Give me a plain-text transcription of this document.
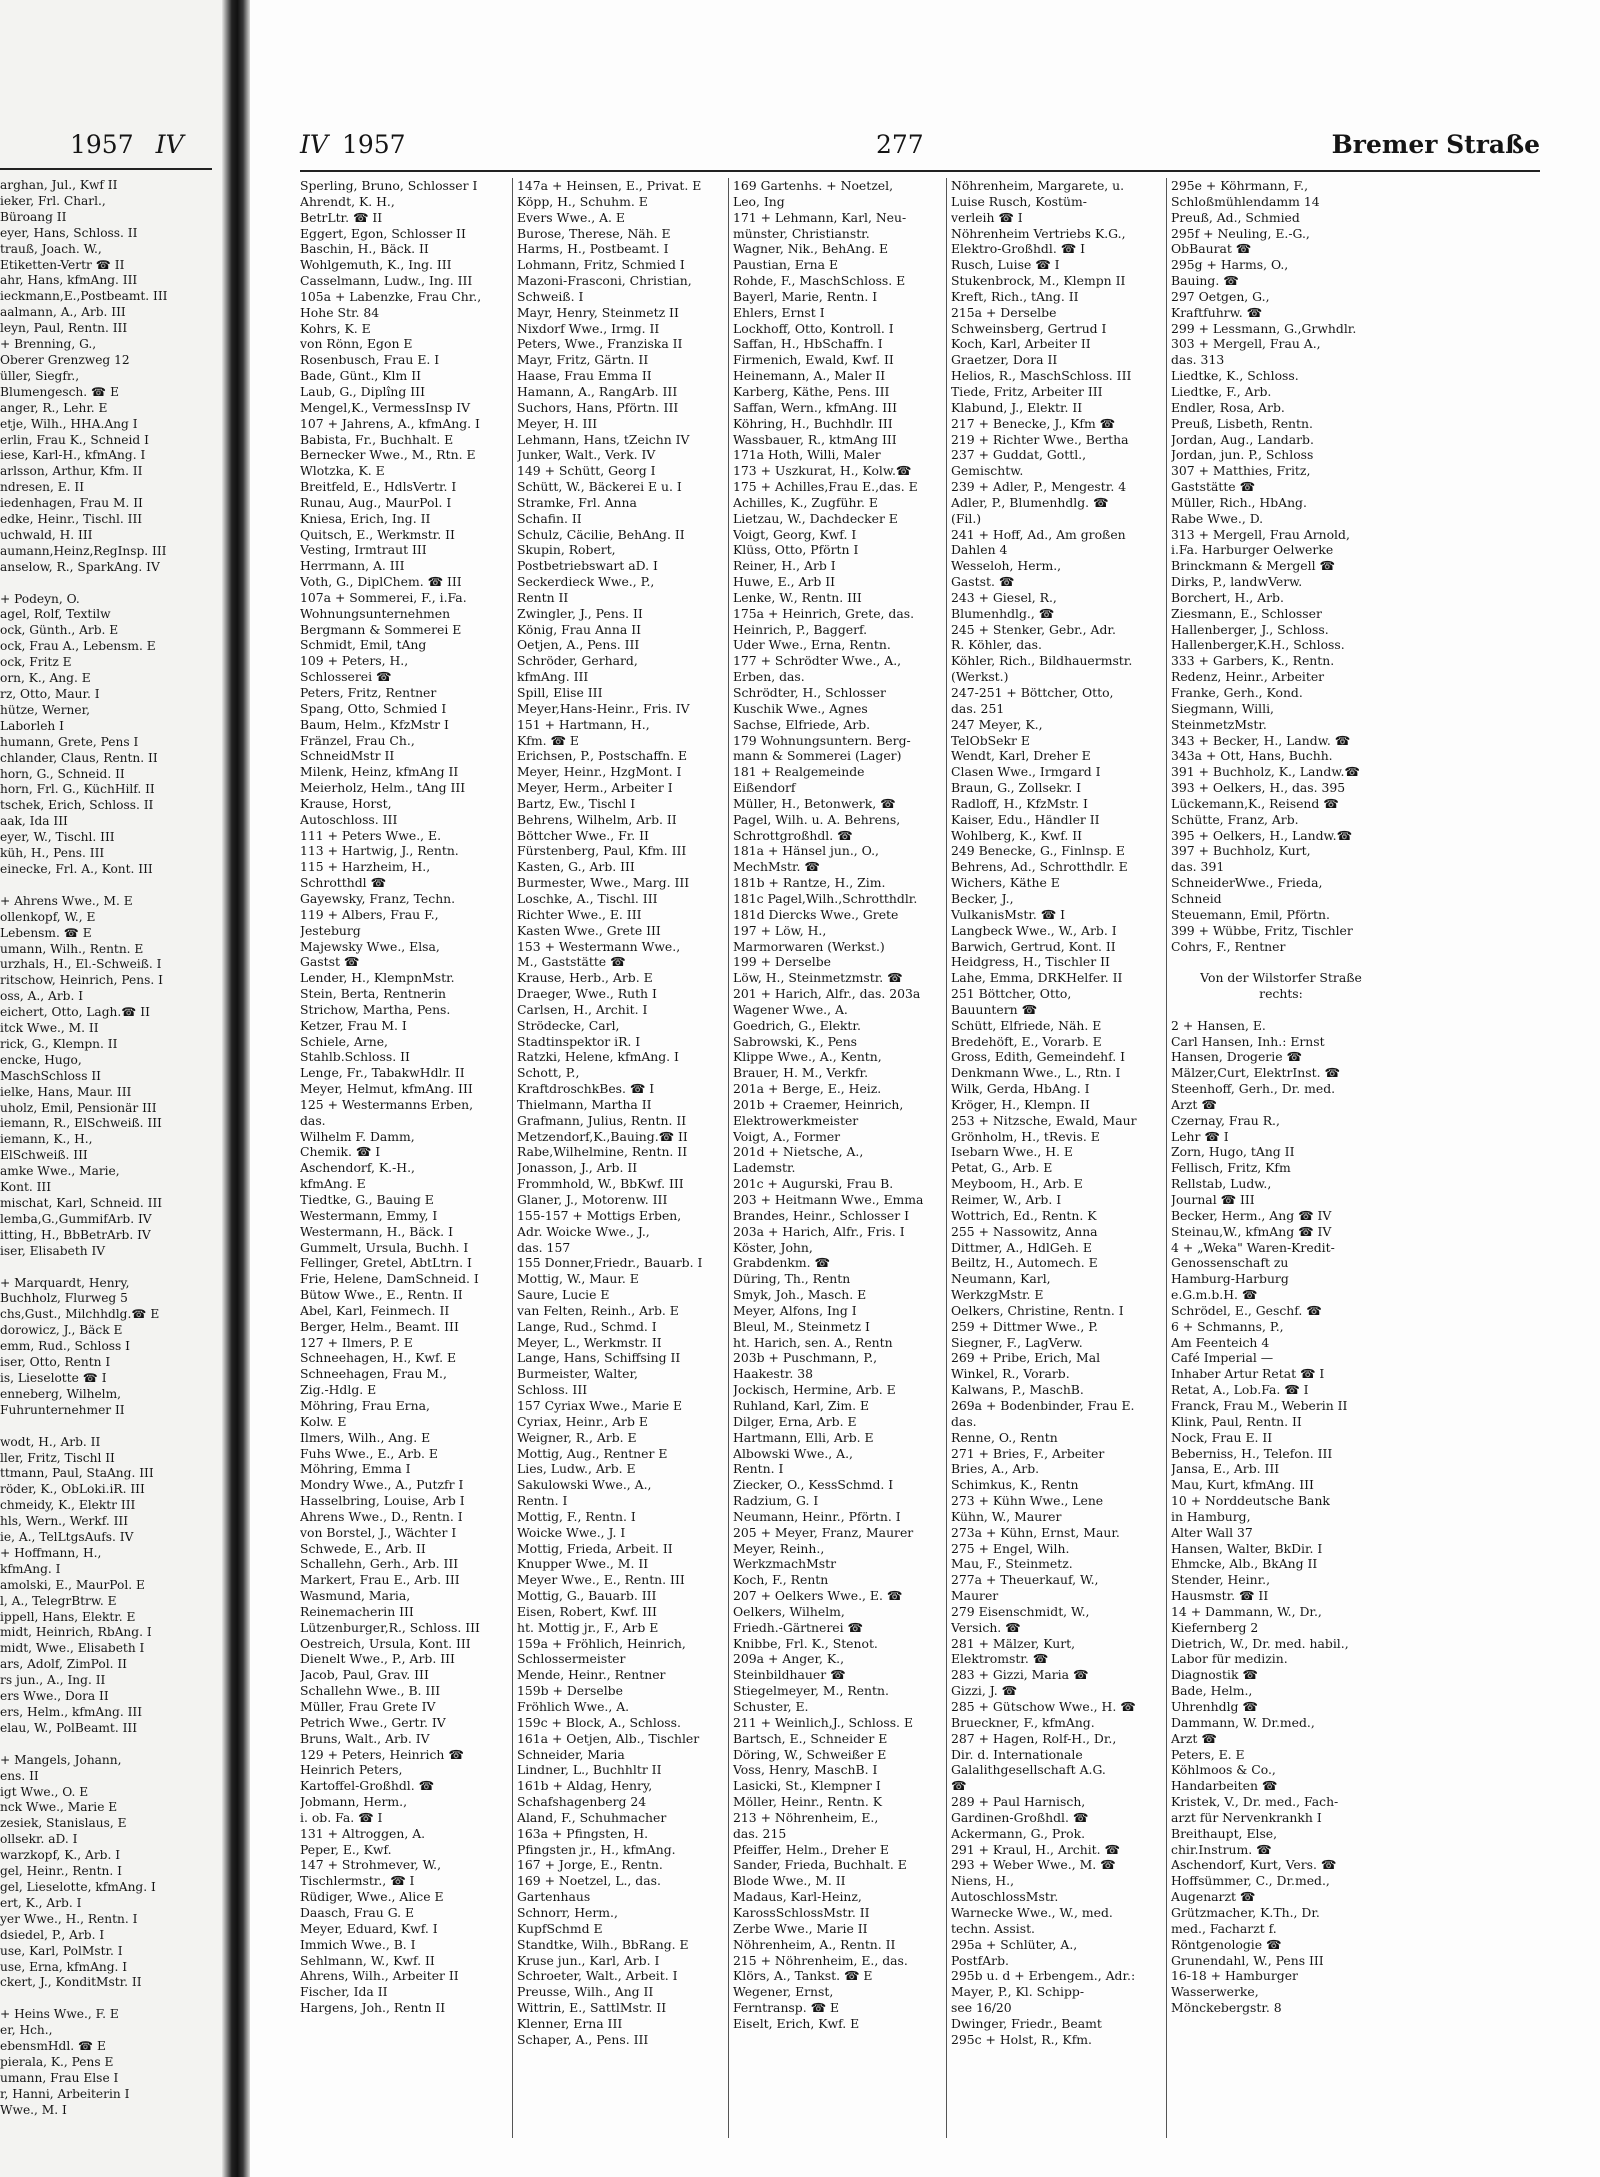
1957 IV
arghan, Jul., Kwf II
ieker, Frl. Charl.,
Büroang II
eyer, Hans, Schloss. II
trauß, Joach. W.,
Etiketten-Vertr ☎ II
ahr, Hans, kfmAng. III
ieckmann,E.,Postbeamt. III
aalmann, A., Arb. III
leyn, Paul, Rentn. III
+ Brenning, G.,
Oberer Grenzweg 12
üller, Siegfr.,
Blumengesch. ☎ E
anger, R., Lehr. E
etje, Wilh., HHA.Ang I
erlin, Frau K., Schneid I
iese, Karl-H., kfmAng. I
arlsson, Arthur, Kfm. II
ndresen, E. II
iedenhagen, Frau M. II
edke, Heinr., Tischl. III
uchwald, H. III
aumann,Heinz,RegInsp. III
anselow, R., SparkAng. IV

+ Podeyn, O.
agel, Rolf, Textilw
ock, Günth., Arb. E
ock, Frau A., Lebensm. E
ock, Fritz E
orn, K., Ang. E
rz, Otto, Maur. I
hütze, Werner,
Laborleh I
humann, Grete, Pens I
chlander, Claus, Rentn. II
horn, G., Schneid. II
horn, Frl. G., KüchHilf. II
tschek, Erich, Schloss. II
aak, Ida III
eyer, W., Tischl. III
küh, H., Pens. III
einecke, Frl. A., Kont. III

+ Ahrens Wwe., M. E
ollenkopf, W., E
Lebensm. ☎ E
umann, Wilh., Rentn. E
urzhals, H., El.-Schweiß. I
ritschow, Heinrich, Pens. I
oss, A., Arb. I
eichert, Otto, Lagh.☎ II
itck Wwe., M. II
rick, G., Klempn. II
encke, Hugo,
MaschSchloss II
ielke, Hans, Maur. III
uholz, Emil, Pensionär III
iemann, R., ElSchweiß. III
iemann, K., H.,
ElSchweiß. III
amke Wwe., Marie,
Kont. III
mischat, Karl, Schneid. III
lemba,G.,GummifArb. IV
itting, H., BbBetrArb. IV
iser, Elisabeth IV

+ Marquardt, Henry,
Buchholz, Flurweg 5
chs,Gust., Milchhdlg.☎ E
dorowicz, J., Bäck E
emm, Rud., Schloss I
iser, Otto, Rentn I
is, Lieselotte ☎ I
enneberg, Wilhelm,
Fuhrunternehmer II

wodt, H., Arb. II
ller, Fritz, Tischl II
ttmann, Paul, StaAng. III
röder, K., ObLoki.iR. III
chmeidy, K., Elektr III
hls, Wern., Werkf. III
ie, A., TelLtgsAufs. IV
+ Hoffmann, H.,
kfmAng. I
amolski, E., MaurPol. E
l, A., TelegrBtrw. E
ippell, Hans, Elektr. E
midt, Heinrich, RbAng. I
midt, Wwe., Elisabeth I
ars, Adolf, ZimPol. II
rs jun., A., Ing. II
ers Wwe., Dora II
ers, Helm., kfmAng. III
elau, W., PolBeamt. III

+ Mangels, Johann,
ens. II
igt Wwe., O. E
nck Wwe., Marie E
zesiek, Stanislaus, E
ollsekr. aD. I
warzkopf, K., Arb. I
gel, Heinr., Rentn. I
gel, Lieselotte, kfmAng. I
ert, K., Arb. I
yer Wwe., H., Rentn. I
dsiedel, P., Arb. I
use, Karl, PolMstr. I
use, Erna, kfmAng. I
ckert, J., KonditMstr. II

+ Heins Wwe., F. E
er, Hch.,
ebensmHdl. ☎ E
pierala, K., Pens E
umann, Frau Else I
r, Hanni, Arbeiterin I
Wwe., M. I
IV 1957	277	Bremer Straße
Sperling, Bruno, Schlosser I
Ahrendt, K. H.,
BetrLtr. ☎ II
Eggert, Egon, Schlosser II
Baschin, H., Bäck. II
Wohlgemuth, K., Ing. III
Casselmann, Ludw., Ing. III
105a + Labenzke, Frau Chr.,
Hohe Str. 84
Kohrs, K. E
von Rönn, Egon E
Rosenbusch, Frau E. I
Bade, Günt., Klm II
Laub, G., Diplîng III
Mengel,K., VermessInsp IV
107 + Jahrens, A., kfmAng. I
Babista, Fr., Buchhalt. E
Bernecker Wwe., M., Rtn. E
Wlotzka, K. E
Breitfeld, E., HdlsVertr. I
Runau, Aug., MaurPol. I
Kniesa, Erich, Ing. II
Quitsch, E., Werkmstr. II
Vesting, Irmtraut III
Herrmann, A. III
Voth, G., DiplChem. ☎ III
107a + Sommerei, F., i.Fa.
Wohnungsunternehmen
Bergmann & Sommerei E
Schmidt, Emil, tAng
109 + Peters, H.,
Schlosserei ☎
Peters, Fritz, Rentner
Spang, Otto, Schmied I
Baum, Helm., KfzMstr I
Fränzel, Frau Ch.,
SchneidMstr II
Milenk, Heinz, kfmAng II
Meierholz, Helm., tAng III
Krause, Horst,
Autoschloss. III
111 + Peters Wwe., E.
113 + Hartwig, J., Rentn.
115 + Harzheim, H.,
Schrotthdl ☎
Gayewsky, Franz, Techn.
119 + Albers, Frau F.,
Jesteburg
Majewsky Wwe., Elsa,
Gastst ☎
Lender, H., KlempnMstr.
Stein, Berta, Rentnerin
Strichow, Martha, Pens.
Ketzer, Frau M. I
Schiele, Arne,
Stahlb.Schloss. II
Lenge, Fr., TabakwHdlr. II
Meyer, Helmut, kfmAng. III
125 + Westermanns Erben,
das.
Wilhelm F. Damm,
Chemik. ☎ I
Aschendorf, K.-H.,
kfmAng. E
Tiedtke, G., Bauing E
Westermann, Emmy, I
Westermann, H., Bäck. I
Gummelt, Ursula, Buchh. I
Fellinger, Gretel, AbtLtrn. I
Frie, Helene, DamSchneid. I
Bütow Wwe., E., Rentn. II
Abel, Karl, Feinmech. II
Berger, Helm., Beamt. III
127 + Ilmers, P. E
Schneehagen, H., Kwf. E
Schneehagen, Frau M.,
Zig.-Hdlg. E
Möhring, Frau Erna,
Kolw. E
Ilmers, Wilh., Ang. E
Fuhs Wwe., E., Arb. E
Möhring, Emma I
Mondry Wwe., A., Putzfr I
Hasselbring, Louise, Arb I
Ahrens Wwe., D., Rentn. I
von Borstel, J., Wächter I
Schwede, E., Arb. II
Schallehn, Gerh., Arb. III
Markert, Frau E., Arb. III
Wasmund, Maria,
Reinemacherin III
Lützenburger,R., Schloss. III
Oestreich, Ursula, Kont. III
Dienelt Wwe., P., Arb. III
Jacob, Paul, Grav. III
Schallehn Wwe., B. III
Müller, Frau Grete IV
Petrich Wwe., Gertr. IV
Bruns, Walt., Arb. IV
129 + Peters, Heinrich ☎
Heinrich Peters,
Kartoffel-Großhdl. ☎
Jobmann, Herm.,
i. ob. Fa. ☎ I
131 + Altroggen, A.
Peper, E., Kwf.
147 + Strohmever, W.,
Tischlermstr., ☎ I
Rüdiger, Wwe., Alice E
Daasch, Frau G. E
Meyer, Eduard, Kwf. I
Immich Wwe., B. I
Sehlmann, W., Kwf. II
Ahrens, Wilh., Arbeiter II
Fischer, Ida II
Hargens, Joh., Rentn II
147a + Heinsen, E., Privat. E
Köpp, H., Schuhm. E
Evers Wwe., A. E
Burose, Therese, Näh. E
Harms, H., Postbeamt. I
Lohmann, Fritz, Schmied I
Mazoni-Frasconi, Christian,
Schweiß. I
Mayr, Henry, Steinmetz II
Nixdorf Wwe., Irmg. II
Peters, Wwe., Franziska II
Mayr, Fritz, Gärtn. II
Haase, Frau Emma II
Hamann, A., RangArb. III
Suchors, Hans, Pförtn. III
Meyer, H. III
Lehmann, Hans, tZeichn IV
Junker, Walt., Verk. IV
149 + Schütt, Georg I
Schütt, W., Bäckerei E u. I
Stramke, Frl. Anna
Schafin. II
Schulz, Cäcilie, BehAng. II
Skupin, Robert,
Postbetriebswart aD. I
Seckerdieck Wwe., P.,
Rentn II
Zwingler, J., Pens. II
König, Frau Anna II
Oetjen, A., Pens. III
Schröder, Gerhard,
kfmAng. III
Spill, Elise III
Meyer,Hans-Heinr., Fris. IV
151 + Hartmann, H.,
Kfm. ☎ E
Erichsen, P., Postschaffn. E
Meyer, Heinr., HzgMont. I
Meyer, Herm., Arbeiter I
Bartz, Ew., Tischl I
Behrens, Wilhelm, Arb. II
Böttcher Wwe., Fr. II
Fürstenberg, Paul, Kfm. III
Kasten, G., Arb. III
Burmester, Wwe., Marg. III
Loschke, A., Tischl. III
Richter Wwe., E. III
Kasten Wwe., Grete III
153 + Westermann Wwe.,
M., Gaststätte ☎
Krause, Herb., Arb. E
Draeger, Wwe., Ruth I
Carlsen, H., Archit. I
Strödecke, Carl,
Stadtinspektor iR. I
Ratzki, Helene, kfmAng. I
Schott, P.,
KraftdroschkBes. ☎ I
Thielmann, Martha II
Grafmann, Julius, Rentn. II
Metzendorf,K.,Bauing.☎ II
Rabe,Wilhelmine, Rentn. II
Jonasson, J., Arb. II
Frommhold, W., BbKwf. III
Glaner, J., Motorenw. III
155-157 + Mottigs Erben,
Adr. Woicke Wwe., J.,
das. 157
155 Donner,Friedr., Bauarb. I
Mottig, W., Maur. E
Saure, Lucie E
van Felten, Reinh., Arb. E
Lange, Rud., Schmd. I
Meyer, L., Werkmstr. II
Lange, Hans, Schiffsing II
Burmeister, Walter,
Schloss. III
157 Cyriax Wwe., Marie E
Cyriax, Heinr., Arb E
Weigner, R., Arb. E
Mottig, Aug., Rentner E
Lies, Ludw., Arb. E
Sakulowski Wwe., A.,
Rentn. I
Mottig, F., Rentn. I
Woicke Wwe., J. I
Mottig, Frieda, Arbeit. II
Knupper Wwe., M. II
Meyer Wwe., E., Rentn. III
Mottig, G., Bauarb. III
Eisen, Robert, Kwf. III
ht. Mottig jr., F., Arb E
159a + Fröhlich, Heinrich,
Schlossermeister
Mende, Heinr., Rentner
159b + Derselbe
Fröhlich Wwe., A.
159c + Block, A., Schloss.
161a + Oetjen, Alb., Tischler
Schneider, Maria
Lindner, L., Buchhltr II
161b + Aldag, Henry,
Schafshagenberg 24
Aland, F., Schuhmacher
163a + Pfingsten, H.
Pfingsten jr., H., kfmAng.
167 + Jorge, E., Rentn.
169 + Noetzel, L., das.
Gartenhaus
Schnorr, Herm.,
KupfSchmd E
Standtke, Wilh., BbRang. E
Kruse jun., Karl, Arb. I
Schroeter, Walt., Arbeit. I
Preusse, Wilh., Ang II
Wittrin, E., SattlMstr. II
Klenner, Erna III
Schaper, A., Pens. III
169 Gartenhs. + Noetzel,
Leo, Ing
171 + Lehmann, Karl, Neu-
münster, Christianstr.
Wagner, Nik., BehAng. E
Paustian, Erna E
Rohde, F., MaschSchloss. E
Bayerl, Marie, Rentn. I
Ehlers, Ernst I
Lockhoff, Otto, Kontroll. I
Saffan, H., HbSchaffn. I
Firmenich, Ewald, Kwf. II
Heinemann, A., Maler II
Karberg, Käthe, Pens. III
Saffan, Wern., kfmAng. III
Köhring, H., Buchhdlr. III
Wassbauer, R., ktmAng III
171a Hoth, Willi, Maler
173 + Uszkurat, H., Kolw.☎
175 + Achilles,Frau E.,das. E
Achilles, K., Zugführ. E
Lietzau, W., Dachdecker E
Voigt, Georg, Kwf. I
Klüss, Otto, Pförtn I
Reiner, H., Arb I
Huwe, E., Arb II
Lenke, W., Rentn. III
175a + Heinrich, Grete, das.
Heinrich, P., Baggerf.
Uder Wwe., Erna, Rentn.
177 + Schrödter Wwe., A.,
Erben, das.
Schrödter, H., Schlosser
Kuschik Wwe., Agnes
Sachse, Elfriede, Arb.
179 Wohnungsuntern. Berg-
mann & Sommerei (Lager)
181 + Realgemeinde
Eißendorf
Müller, H., Betonwerk, ☎
Pagel, Wilh. u. A. Behrens,
Schrottgroßhdl. ☎
181a + Hänsel jun., O.,
MechMstr. ☎
181b + Rantze, H., Zim.
181c Pagel,Wilh.,Schrotthdlr.
181d Diercks Wwe., Grete
197 + Löw, H.,
Marmorwaren (Werkst.)
199 + Derselbe
Löw, H., Steinmetzmstr. ☎
201 + Harich, Alfr., das. 203a
Wagener Wwe., A.
Goedrich, G., Elektr.
Sabrowski, K., Pens
Klippe Wwe., A., Kentn,
Brauer, H. M., Verkfr.
201a + Berge, E., Heiz.
201b + Craemer, Heinrich,
Elektrowerkmeister
Voigt, A., Former
201d + Nietsche, A.,
Lademstr.
201c + Augurski, Frau B.
203 + Heitmann Wwe., Emma
Brandes, Heinr., Schlosser I
203a + Harich, Alfr., Fris. I
Köster, John,
Grabdenkm. ☎
Düring, Th., Rentn
Smyk, Joh., Masch. E
Meyer, Alfons, Ing I
Bleul, M., Steinmetz I
ht. Harich, sen. A., Rentn
203b + Puschmann, P.,
Haakestr. 38
Jockisch, Hermine, Arb. E
Ruhland, Karl, Zim. E
Dilger, Erna, Arb. E
Hartmann, Elli, Arb. E
Albowski Wwe., A.,
Rentn. I
Ziecker, O., KessSchmd. I
Radzium, G. I
Neumann, Heinr., Pförtn. I
205 + Meyer, Franz, Maurer
Meyer, Reinh.,
WerkzmachMstr
Koch, F., Rentn
207 + Oelkers Wwe., E. ☎
Oelkers, Wilhelm,
Friedh.-Gärtnerei ☎
Knibbe, Frl. K., Stenot.
209a + Anger, K.,
Steinbildhauer ☎
Stiegelmeyer, M., Rentn.
Schuster, E.
211 + Weinlich,J., Schloss. E
Bartsch, E., Schneider E
Döring, W., Schweißer E
Voss, Henry, MaschB. I
Lasicki, St., Klempner I
Möller, Heinr., Rentn. K
213 + Nöhrenheim, E.,
das. 215
Pfeiffer, Helm., Dreher E
Sander, Frieda, Buchhalt. E
Blode Wwe., M. II
Madaus, Karl-Heinz,
KarossSchlossMstr. II
Zerbe Wwe., Marie II
Nöhrenheim, A., Rentn. II
215 + Nöhrenheim, E., das.
Klörs, A., Tankst. ☎ E
Wegener, Ernst,
Ferntransp. ☎ E
Eiselt, Erich, Kwf. E
Nöhrenheim, Margarete, u.
Luise Rusch, Kostüm-
verleih ☎ I
Nöhrenheim Vertriebs K.G.,
Elektro-Großhdl. ☎ I
Rusch, Luise ☎ I
Stukenbrock, M., Klempn II
Kreft, Rich., tAng. II
215a + Derselbe
Schweinsberg, Gertrud I
Koch, Karl, Arbeiter II
Graetzer, Dora II
Helios, R., MaschSchloss. III
Tiede, Fritz, Arbeiter III
Klabund, J., Elektr. II
217 + Benecke, J., Kfm ☎
219 + Richter Wwe., Bertha
237 + Guddat, Gottl.,
Gemischtw.
239 + Adler, P., Mengestr. 4
Adler, P., Blumenhdlg. ☎
(Fil.)
241 + Hoff, Ad., Am großen
Dahlen 4
Wesseloh, Herm.,
Gastst. ☎
243 + Giesel, R.,
Blumenhdlg., ☎
245 + Stenker, Gebr., Adr.
R. Köhler, das.
Köhler, Rich., Bildhauermstr.
(Werkst.)
247-251 + Böttcher, Otto,
das. 251
247 Meyer, K.,
TelObSekr E
Wendt, Karl, Dreher E
Clasen Wwe., Irmgard I
Braun, G., Zollsekr. I
Radloff, H., KfzMstr. I
Kaiser, Edu., Händler II
Wohlberg, K., Kwf. II
249 Benecke, G., Finlnsp. E
Behrens, Ad., Schrotthdlr. E
Wichers, Käthe E
Becker, J.,
VulkanisMstr. ☎ I
Langbeck Wwe., W., Arb. I
Barwich, Gertrud, Kont. II
Heidgress, H., Tischler II
Lahe, Emma, DRKHelfer. II
251 Böttcher, Otto,
Bauuntern ☎
Schütt, Elfriede, Näh. E
Bredehöft, E., Vorarb. E
Gross, Edith, Gemeindehf. I
Denkmann Wwe., L., Rtn. I
Wilk, Gerda, HbAng. I
Kröger, H., Klempn. II
253 + Nitzsche, Ewald, Maur
Grönholm, H., tRevis. E
Isebarn Wwe., H. E
Petat, G., Arb. E
Meyboom, H., Arb. E
Reimer, W., Arb. I
Wottrich, Ed., Rentn. K
255 + Nassowitz, Anna
Dittmer, A., HdlGeh. E
Beiltz, H., Automech. E
Neumann, Karl,
WerkzgMstr. E
Oelkers, Christine, Rentn. I
259 + Dittmer Wwe., P.
Siegner, F., LagVerw.
269 + Pribe, Erich, Mal
Winkel, R., Vorarb.
Kalwans, P., MaschB.
269a + Bodenbinder, Frau E.
das.
Renne, O., Rentn
271 + Bries, F., Arbeiter
Bries, A., Arb.
Schimkus, K., Rentn
273 + Kühn Wwe., Lene
Kühn, W., Maurer
273a + Kühn, Ernst, Maur.
275 + Engel, Wilh.
Mau, F., Steinmetz.
277a + Theuerkauf, W.,
Maurer
279 Eisenschmidt, W.,
Versich. ☎
281 + Mälzer, Kurt,
Elektromstr. ☎
283 + Gizzi, Maria ☎
Gizzi, J. ☎
285 + Gütschow Wwe., H. ☎
Brueckner, F., kfmAng.
287 + Hagen, Rolf-H., Dr.,
Dir. d. Internationale
Galalithgesellschaft A.G.
☎
289 + Paul Harnisch,
Gardinen-Großhdl. ☎
Ackermann, G., Prok.
291 + Kraul, H., Archit. ☎
293 + Weber Wwe., M. ☎
Niens, H.,
AutoschlossMstr.
Warnecke Wwe., W., med.
techn. Assist.
295a + Schlüter, A.,
PostfArb.
295b u. d + Erbengem., Adr.:
Mayer, P., Kl. Schipp-
see 16/20
Dwinger, Friedr., Beamt
295c + Holst, R., Kfm.
295e + Köhrmann, F.,
Schloßmühlendamm 14
Preuß, Ad., Schmied
295f + Neuling, E.-G.,
ObBaurat ☎
295g + Harms, O.,
Bauing. ☎
297 Oetgen, G.,
Kraftfuhrw. ☎
299 + Lessmann, G.,Grwhdlr.
303 + Mergell, Frau A.,
das. 313
Liedtke, K., Schloss.
Liedtke, F., Arb.
Endler, Rosa, Arb.
Preuß, Lisbeth, Rentn.
Jordan, Aug., Landarb.
Jordan, jun. P., Schloss
307 + Matthies, Fritz,
Gaststätte ☎
Müller, Rich., HbAng.
Rabe Wwe., D.
313 + Mergell, Frau Arnold,
i.Fa. Harburger Oelwerke
Brinckmann & Mergell ☎
Dirks, P., landwVerw.
Borchert, H., Arb.
Ziesmann, E., Schlosser
Hallenberger, J., Schloss.
Hallenberger,K.H., Schloss.
333 + Garbers, K., Rentn.
Redenz, Heinr., Arbeiter
Franke, Gerh., Kond.
Siegmann, Willi,
SteinmetzMstr.
343 + Becker, H., Landw. ☎
343a + Ott, Hans, Buchh.
391 + Buchholz, K., Landw.☎
393 + Oelkers, H., das. 395
Lückemann,K., Reisend ☎
Schütte, Franz, Arb.
395 + Oelkers, H., Landw.☎
397 + Buchholz, Kurt,
das. 391
SchneiderWwe., Frieda,
Schneid
Steuemann, Emil, Pförtn.
399 + Wübbe, Fritz, Tischler
Cohrs, F., Rentner

Von der Wilstorfer Straße
rechts:

2 + Hansen, E.
Carl Hansen, Inh.: Ernst
Hansen, Drogerie ☎
Mälzer,Curt, ElektrInst. ☎
Steenhoff, Gerh., Dr. med.
Arzt ☎
Czernay, Frau R.,
Lehr ☎ I
Zorn, Hugo, tAng II
Fellisch, Fritz, Kfm
Rellstab, Ludw.,
Journal ☎ III
Becker, Herm., Ang ☎ IV
Steinau,W., kfmAng ☎ IV
4 + „Weka" Waren-Kredit-
Genossenschaft zu
Hamburg-Harburg
e.G.m.b.H. ☎
Schrödel, E., Geschf. ☎
6 + Schmanns, P.,
Am Feenteich 4
Café Imperial —
Inhaber Artur Retat ☎ I
Retat, A., Lob.Fa. ☎ I
Franck, Frau M., Weberin II
Klink, Paul, Rentn. II
Nock, Frau E. II
Beberniss, H., Telefon. III
Jansa, E., Arb. III
Mau, Kurt, kfmAng. III
10 + Norddeutsche Bank
in Hamburg,
Alter Wall 37
Hansen, Walter, BkDir. I
Ehmcke, Alb., BkAng II
Stender, Heinr.,
Hausmstr. ☎ II
14 + Dammann, W., Dr.,
Kiefernberg 2
Dietrich, W., Dr. med. habil.,
Labor für medizin.
Diagnostik ☎
Bade, Helm.,
Uhrenhdlg ☎
Dammann, W. Dr.med.,
Arzt ☎
Peters, E. E
Köhlmoos & Co.,
Handarbeiten ☎
Kristek, V., Dr. med., Fach-
arzt für Nervenkrankh I
Breithaupt, Else,
chir.Instrum. ☎
Aschendorf, Kurt, Vers. ☎
Hoffsümmer, C., Dr.med.,
Augenarzt ☎
Grützmacher, K.Th., Dr.
med., Facharzt f.
Röntgenologie ☎
Grunendahl, W., Pens III
16-18 + Hamburger
Wasserwerke,
Mönckebergstr. 8
